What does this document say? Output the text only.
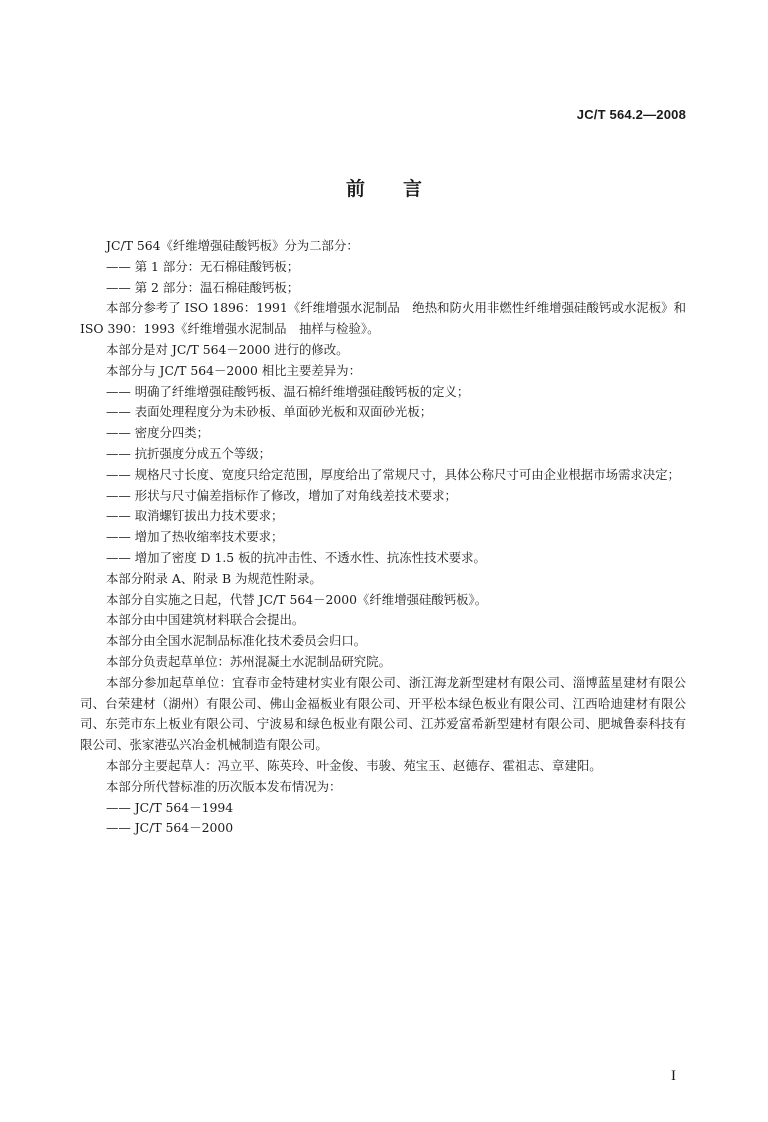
JC/T 564.2—2008
前言

JC/T 564《纤维增强硅酸钙板》分为二部分：

—— 第 1 部分：无石棉硅酸钙板；

—— 第 2 部分：温石棉硅酸钙板；

本部分参考了 ISO 1896：1991《纤维增强水泥制品　绝热和防火用非燃性纤维增强硅酸钙或水泥板》和 ISO 390：1993《纤维增强水泥制品　抽样与检验》。

本部分是对 JC/T 564－2000 进行的修改。

本部分与 JC/T 564－2000 相比主要差异为：

—— 明确了纤维增强硅酸钙板、温石棉纤维增强硅酸钙板的定义；

—— 表面处理程度分为未砂板、单面砂光板和双面砂光板；

—— 密度分四类；

—— 抗折强度分成五个等级；

—— 规格尺寸长度、宽度只给定范围，厚度给出了常规尺寸，具体公称尺寸可由企业根据市场需求决定；

—— 形状与尺寸偏差指标作了修改，增加了对角线差技术要求；

—— 取消螺钉拔出力技术要求；

—— 增加了热收缩率技术要求；

—— 增加了密度 D 1.5 板的抗冲击性、不透水性、抗冻性技术要求。

本部分附录 A、附录 B 为规范性附录。

本部分自实施之日起，代替 JC/T 564－2000《纤维增强硅酸钙板》。

本部分由中国建筑材料联合会提出。

本部分由全国水泥制品标准化技术委员会归口。

本部分负责起草单位：苏州混凝土水泥制品研究院。

本部分参加起草单位：宜春市金特建材实业有限公司、浙江海龙新型建材有限公司、淄博蓝星建材有限公司、台荣建材（湖州）有限公司、佛山金福板业有限公司、开平松本绿色板业有限公司、江西哈迪建材有限公司、东莞市东上板业有限公司、宁波易和绿色板业有限公司、江苏爱富希新型建材有限公司、肥城鲁泰科技有限公司、张家港弘兴冶金机械制造有限公司。

本部分主要起草人：冯立平、陈英玲、叶金俊、韦骏、苑宝玉、赵德存、霍祖志、章建阳。

本部分所代替标准的历次版本发布情况为：

—— JC/T 564－1994

—— JC/T 564－2000

I
